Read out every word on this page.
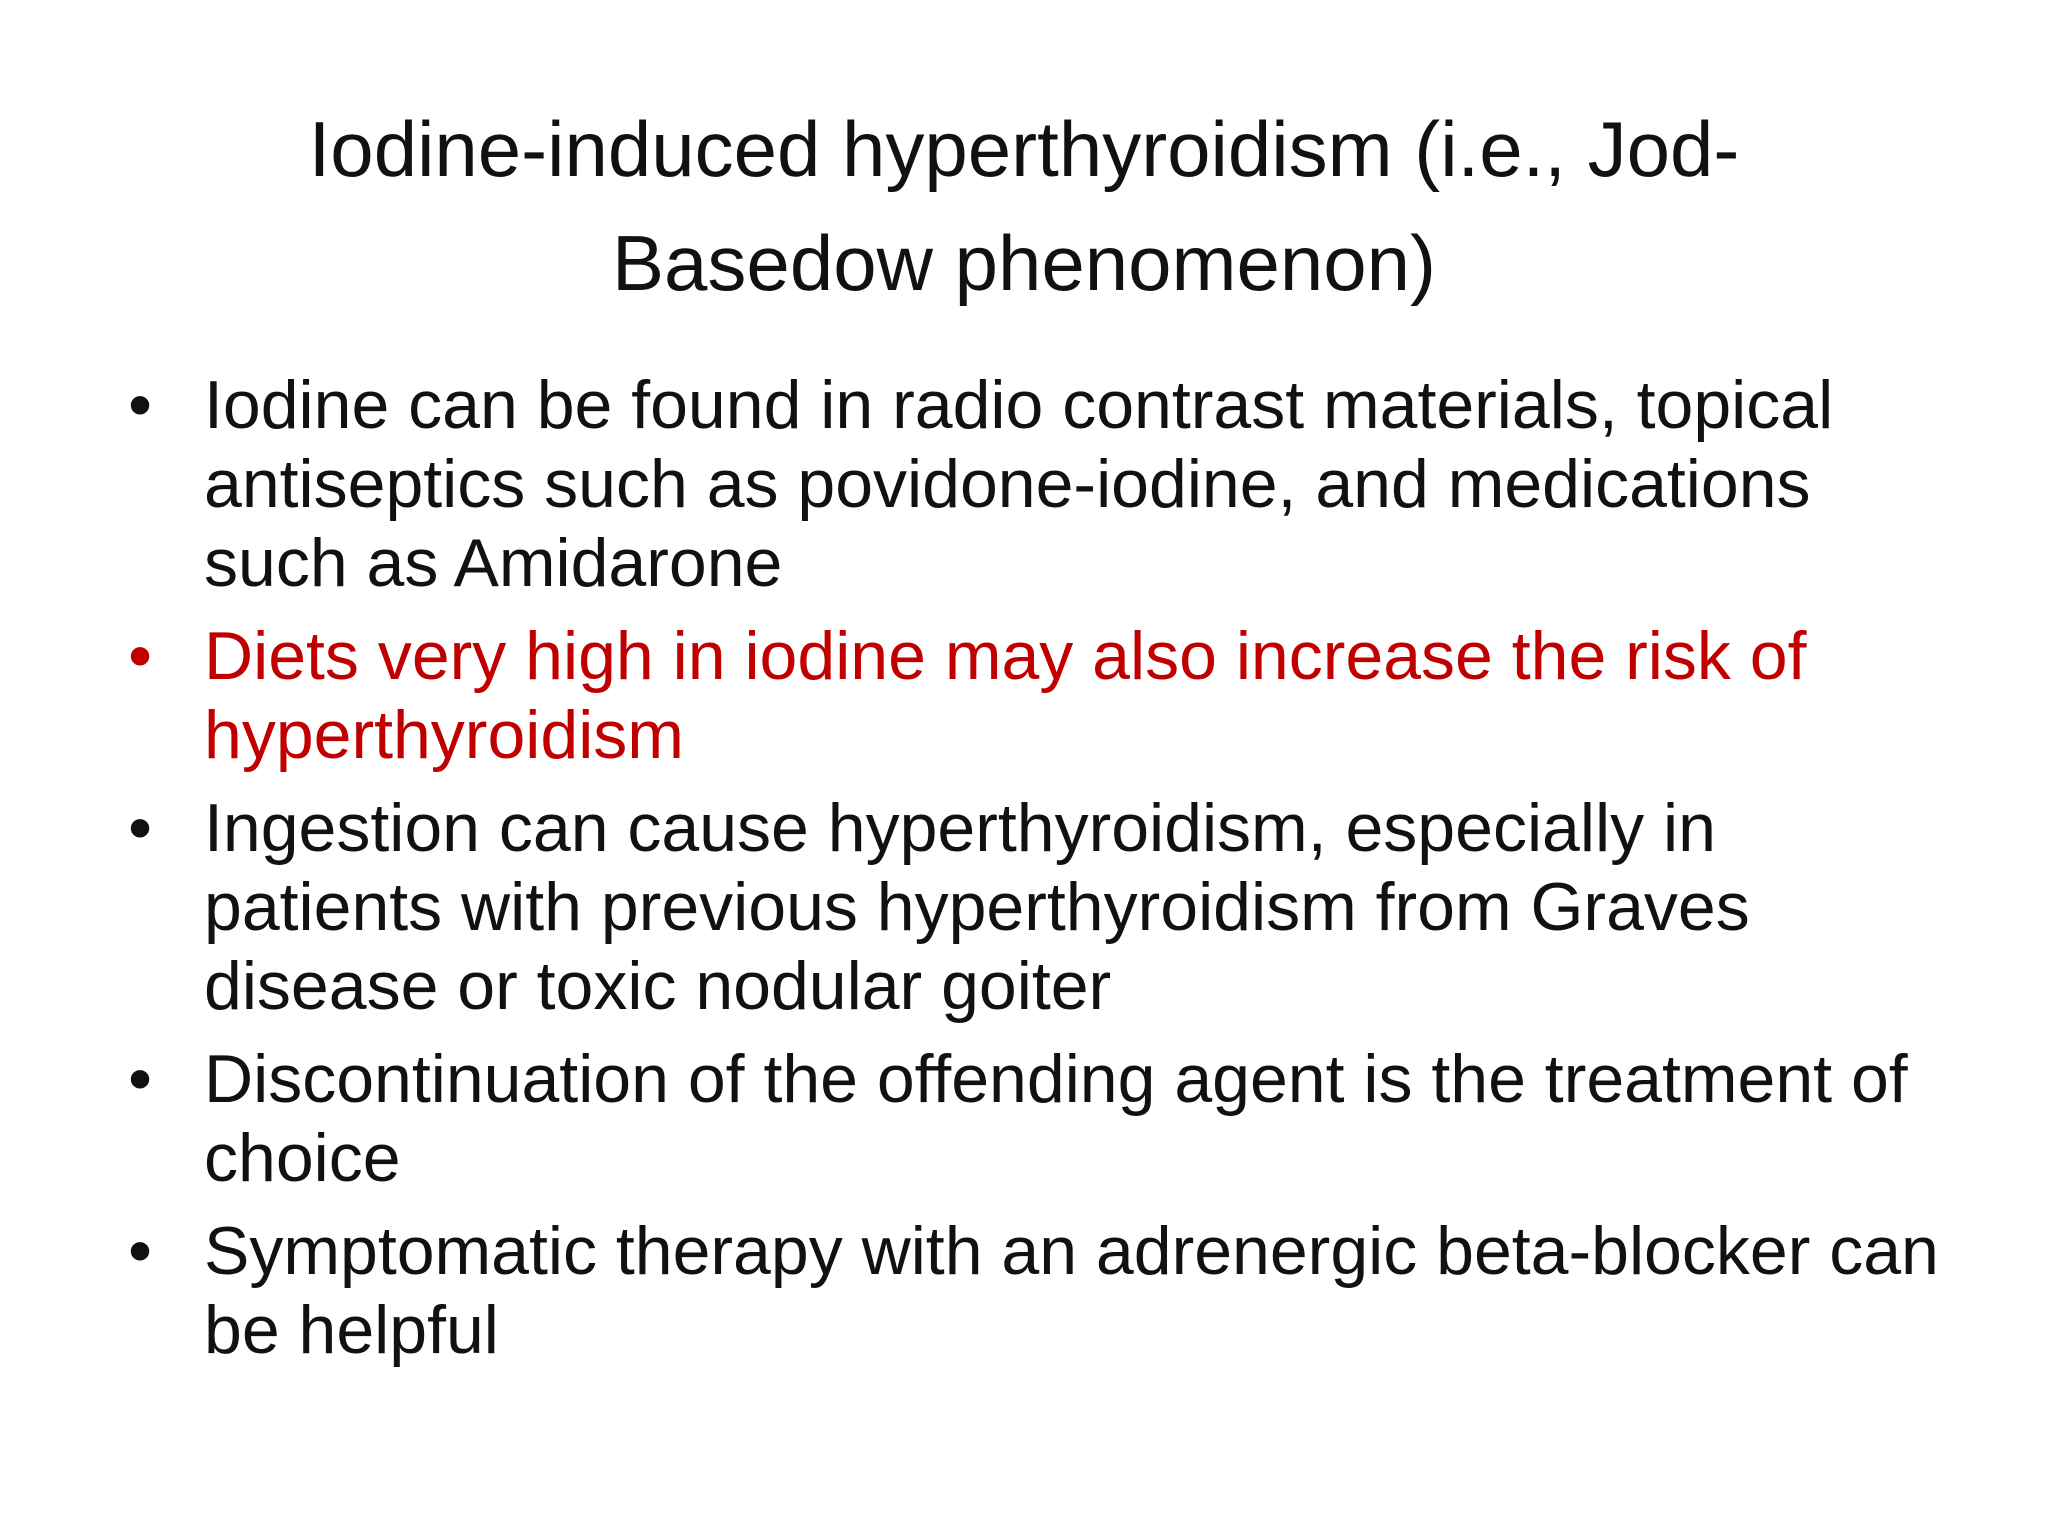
Iodine-induced hyperthyroidism (i.e., Jod-Basedow phenomenon)
• Iodine can be found in radio contrast materials, topical antiseptics such as povidone-iodine, and medications such as Amidarone
• Diets very high in iodine may also increase the risk of hyperthyroidism
• Ingestion can cause hyperthyroidism, especially in patients with previous hyperthyroidism from Graves disease or toxic nodular goiter
• Discontinuation of the offending agent is the treatment of choice
• Symptomatic therapy with an adrenergic beta-blocker can be helpful
